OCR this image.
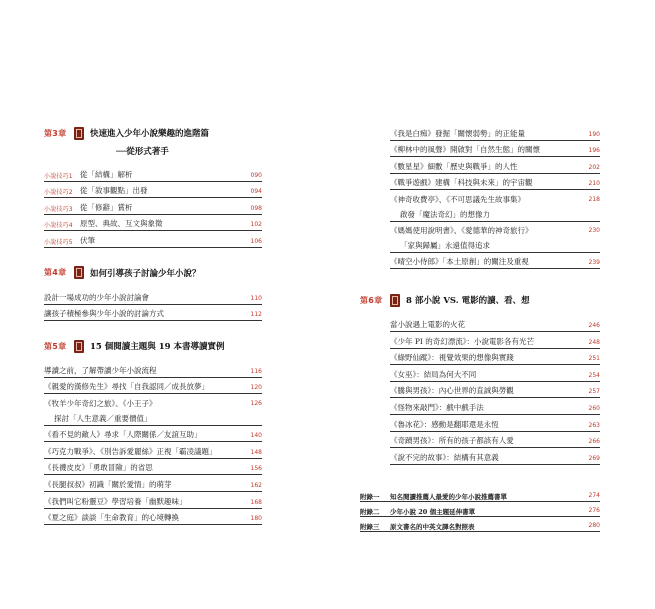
第3章	快速進入少年小說樂趣的進階篇
──從形式著手
小說技巧1 從「結構」解析	090
小說技巧2 從「敘事觀點」出發	094
小說技巧3 從「修辭」賞析	098
小說技巧4 原型、典故、互文與象徵	102
小說技巧5 伏筆	106
第4章	如何引導孩子討論少年小說？
設計一場成功的少年小說討論會	110
讓孩子積極參與少年小說的討論方式	112
第5章	15 個閱讀主題與 19 本書導讀實例
導讀之前，了解帶讀少年小說流程	116
《親愛的漢修先生》尋找「自我認同／成長放夢」	120
《牧羊少年奇幻之旅》、《小王子》	126
探討「人生意義／重要價值」
《看不見的敵人》尋求「人際關係／友誼互助」	140
《巧克力戰爭》、《別告訴愛麗絲》正視「霸凌議題」	148
《長襪皮皮》「勇敢冒險」的省思	156
《長腿叔叔》初識「關於愛情」的萌芽	162
《我們叫它粉靈豆》學習培養「幽默趣味」	168
《夏之庭》談談「生命教育」的心境轉換	180
《我是白痴》發掘「關懷弱勢」的正能量	190
《柳林中的風聲》開啟對「自然生態」的關懷	196
《數星星》細數「歷史與戰爭」的人性	202
《戰爭遊戲》建構「科技與未來」的宇宙觀	210
《神奇收費亭》、《不可思議先生故事集》	218
啟發「魔法奇幻」的想像力
《媽媽使用說明書》、《愛德華的神奇旅行》	230
「家與歸屬」永遠值得追求
《晴空小侍郎》「本土原創」的關注及重視	239
第6章	8 部小說 VS. 電影的讀、看、想
當小說遇上電影的火花	246
《少年 PI 的奇幻漂流》：小說電影各有光芒	248
《綠野仙蹤》：視覺效果的想像與實踐	251
《女巫》：結局為何大不同	254
《騰與男孩》：內心世界的直誠與勞觀	257
《怪物來敲門》：戲中戲手法	260
《魯冰花》：感動是翻耶還是永恆	263
《奇蹟男孩》：所有的孩子都該有人愛	266
《說不完的故事》：結構有其意義	269
附錄一	知名閱讀推薦人最愛的少年小說推薦書單	274
附錄二	少年小說 20 個主題延伸書單	276
附錄三	原文書名的中英文譯名對照表	280
